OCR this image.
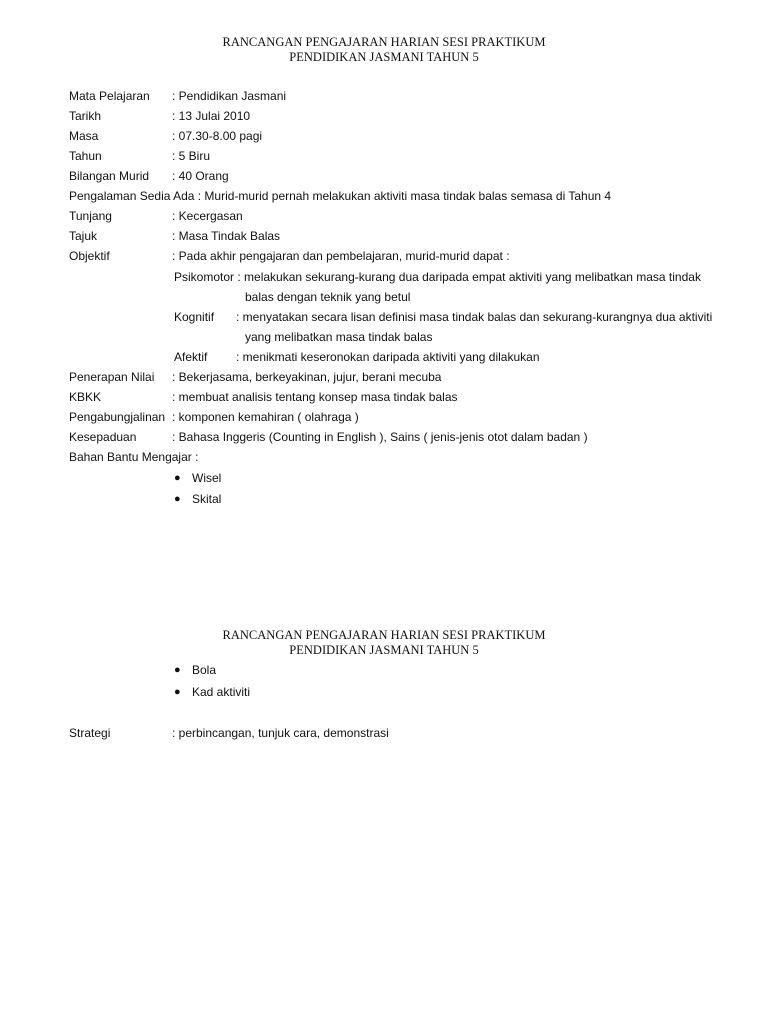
RANCANGAN PENGAJARAN HARIAN SESI PRAKTIKUM
PENDIDIKAN JASMANI TAHUN 5
Mata Pelajaran : Pendidikan Jasmani
Tarikh	: 13 Julai 2010
Masa	: 07.30-8.00 pagi
Tahun	: 5 Biru
Bilangan Murid : 40 Orang
Pengalaman Sedia Ada : Murid-murid pernah melakukan aktiviti masa tindak balas semasa di Tahun 4
Tunjang	: Kecergasan
Tajuk	: Masa Tindak Balas
Objektif	: Pada akhir pengajaran dan pembelajaran, murid-murid dapat :
Psikomotor : melakukan sekurang-kurang dua daripada empat aktiviti yang melibatkan masa tindak
balas dengan teknik yang betul
Kognitif : menyatakan secara lisan definisi masa tindak balas dan sekurang-kurangnya dua aktiviti
yang melibatkan masa tindak balas
Afektif : menikmati keseronokan daripada aktiviti yang dilakukan
Penerapan Nilai : Bekerjasama, berkeyakinan, jujur, berani mecuba
KBKK	: membuat analisis tentang konsep masa tindak balas
Pengabungjalinan : komponen kemahiran ( olahraga )
Kesepaduan	: Bahasa Inggeris (Counting in English ), Sains ( jenis-jenis otot dalam badan )
Bahan Bantu Mengajar :
● Wisel
● Skital
RANCANGAN PENGAJARAN HARIAN SESI PRAKTIKUM
PENDIDIKAN JASMANI TAHUN 5
● Bola
● Kad aktiviti
Strategi	: perbincangan, tunjuk cara, demonstrasi
